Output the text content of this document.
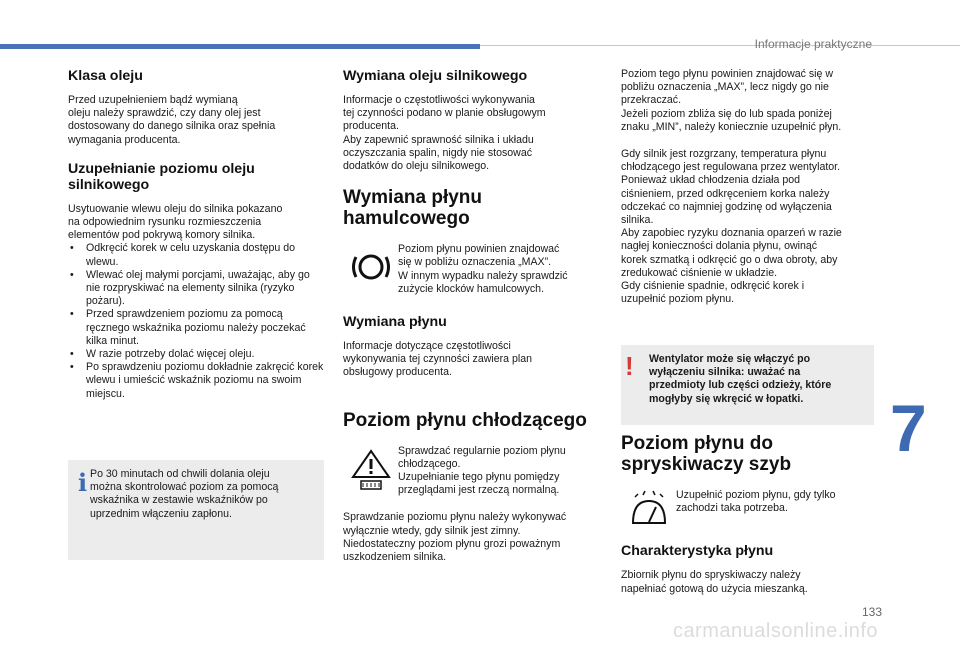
Informacje praktyczne
7
133
carmanualsonline.info
Klasa oleju

Przed uzupełnieniem bądź wymianą
oleju należy sprawdzić, czy dany olej jest
dostosowany do danego silnika oraz spełnia
wymagania producenta.

Uzupełnianie poziomu oleju
silnikowego

Usytuowanie wlewu oleju do silnika pokazano
na odpowiednim rysunku rozmieszczenia
elementów pod pokrywą komory silnika.

• Odkręcić korek w celu uzyskania dostępu do wlewu.
• Wlewać olej małymi porcjami, uważając, aby go nie rozpryskiwać na elementy silnika (ryzyko pożaru).
• Przed sprawdzeniem poziomu za pomocą ręcznego wskaźnika poziomu należy poczekać kilka minut.
• W razie potrzeby dolać więcej oleju.
• Po sprawdzeniu poziomu dokładnie zakręcić korek wlewu i umieścić wskaźnik poziomu na swoim miejscu.
i Po 30 minutach od chwili dolania oleju
można skontrolować poziom za pomocą
wskaźnika w zestawie wskaźników po
uprzednim włączeniu zapłonu.

Wymiana oleju silnikowego

Informacje o częstotliwości wykonywania
tej czynności podano w planie obsługowym
producenta.
Aby zapewnić sprawność silnika i układu
oczyszczania spalin, nigdy nie stosować
dodatków do oleju silnikowego.

Wymiana płynu
hamulcowego

Poziom płynu powinien znajdować
się w pobliżu oznaczenia „MAX”.
W innym wypadku należy sprawdzić
zużycie klocków hamulcowych.

Wymiana płynu

Informacje dotyczące częstotliwości
wykonywania tej czynności zawiera plan
obsługowy producenta.

Poziom płynu chłodzącego

Sprawdzać regularnie poziom płynu
chłodzącego.
Uzupełnianie tego płynu pomiędzy
przeglądami jest rzeczą normalną.

Sprawdzanie poziomu płynu należy wykonywać
wyłącznie wtedy, gdy silnik jest zimny.
Niedostateczny poziom płynu grozi poważnym
uszkodzeniem silnika.

Poziom tego płynu powinien znajdować się w
pobliżu oznaczenia „MAX”, lecz nigdy go nie
przekraczać.
Jeżeli poziom zbliża się do lub spada poniżej
znaku „MIN”, należy koniecznie uzupełnić płyn.

Gdy silnik jest rozgrzany, temperatura płynu
chłodzącego jest regulowana przez wentylator.
Ponieważ układ chłodzenia działa pod
ciśnieniem, przed odkręceniem korka należy
odczekać co najmniej godzinę od wyłączenia
silnika.
Aby zapobiec ryzyku doznania oparzeń w razie
nagłej konieczności dolania płynu, owinąć
korek szmatką i odkręcić go o dwa obroty, aby
zredukować ciśnienie w układzie.
Gdy ciśnienie spadnie, odkręcić korek i
uzupełnić poziom płynu.

! Wentylator może się włączyć po
wyłączeniu silnika: uważać na
przedmioty lub części odzieży, które
mogłyby się wkręcić w łopatki.

Poziom płynu do
spryskiwaczy szyb

Uzupełnić poziom płynu, gdy tylko
zachodzi taka potrzeba.

Charakterystyka płynu

Zbiornik płynu do spryskiwaczy należy
napełniać gotową do użycia mieszanką.
